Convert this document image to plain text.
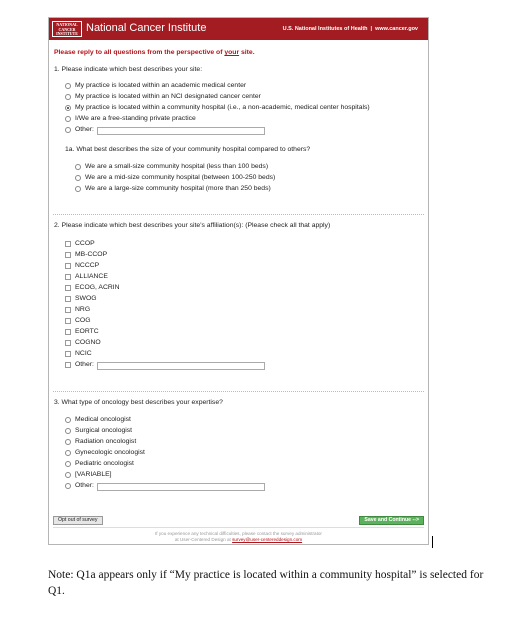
NATIONAL
CANCER
INSTITUTE National Cancer Institute	U.S. National Institutes of Health | www.cancer.gov
Please reply to all questions from the perspective of your site.
1. Please indicate which best describes your site:
My practice is located within an academic medical center
My practice is located within an NCI designated cancer center
My practice is located within a community hospital (i.e., a non-academic, medical center hospitals)
I/We are a free-standing private practice
Other:
1a. What best describes the size of your community hospital compared to others?
We are a small-size community hospital (less than 100 beds)
We are a mid-size community hospital (between 100-250 beds)
We are a large-size community hospital (more than 250 beds)
2. Please indicate which best describes your site's affiliation(s): (Please check all that apply)
CCOP
MB-CCOP
NCCCP
ALLIANCE
ECOG, ACRIN
SWOG
NRG
COG
EORTC
COGNO
NCIC
Other:
3. What type of oncology best describes your expertise?
Medical oncologist
Surgical oncologist
Radiation oncologist
Gynecologic oncologist
Pediatric oncologist
[VARIABLE]
Other:
Opt out of survey	Save and Continue -->
If you experience any technical difficulties, please contact the survey administrator
at User-Centered Design at survey@user-centereddesign.com
Note: Q1a appears only if “My practice is located within a community hospital” is selected for Q1.
